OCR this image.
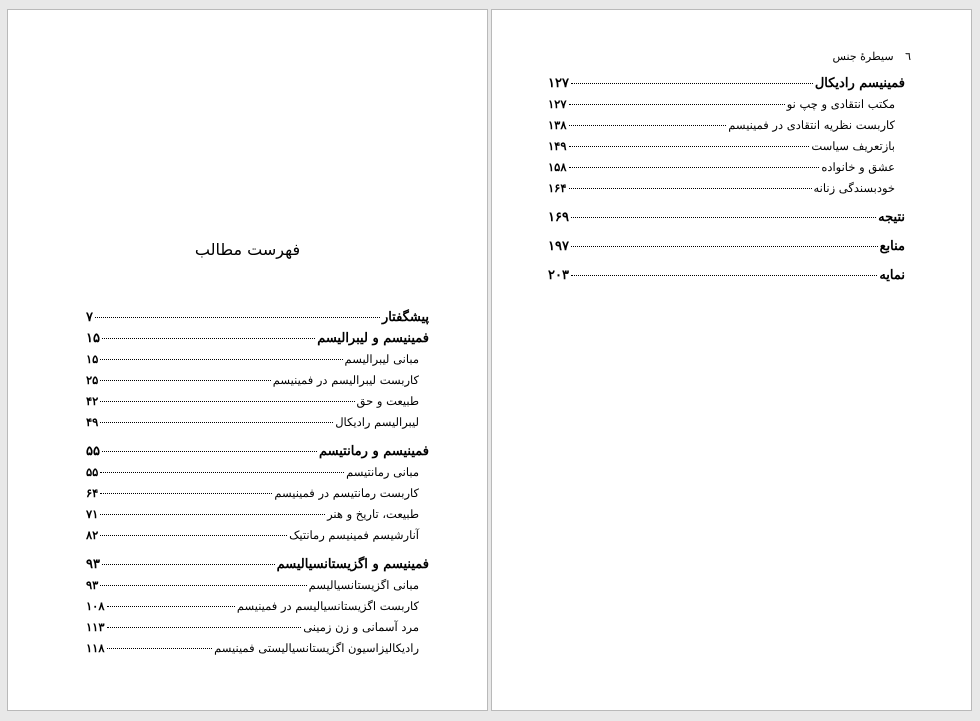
فهرست مطالب
پیشگفتار
۷
فمینیسم و لیبرالیسم
۱۵
مبانی لیبرالیسم
۱۵
کاربست لیبرالیسم در فمینیسم
۲۵
طبیعت و حق
۴۲
لیبرالیسم رادیکال
۴۹
فمینیسم و رمانتیسم
۵۵
مبانی رمانتیسم
۵۵
کاربست رمانتیسم در فمینیسم
۶۴
طبیعت، تاریخ و هنر
۷۱
آنارشیسم فمینیسم رمانتیک
۸۲
فمینیسم و اگزیستانسیالیسم
۹۳
مبانی اگزیستانسیالیسم
۹۳
کاربست اگزیستانسیالیسم در فمینیسم
۱۰۸
مرد آسمانی و زن زمینی
۱۱۳
رادیکالیزاسیون اگزیستانسیالیستی فمینیسم
۱۱۸
٦ سیطرهٔ جنس
فمینیسم رادیکال
۱۲۷
مکتب انتقادی و چپ نو
۱۲۷
کاربست نظریه انتقادی در فمینیسم
۱۳۸
بازتعریف سیاست
۱۴۹
عشق و خانواده
۱۵۸
خودبسندگی زنانه
۱۶۴
نتیجه
۱۶۹
منابع
۱۹۷
نمایه
۲۰۳
